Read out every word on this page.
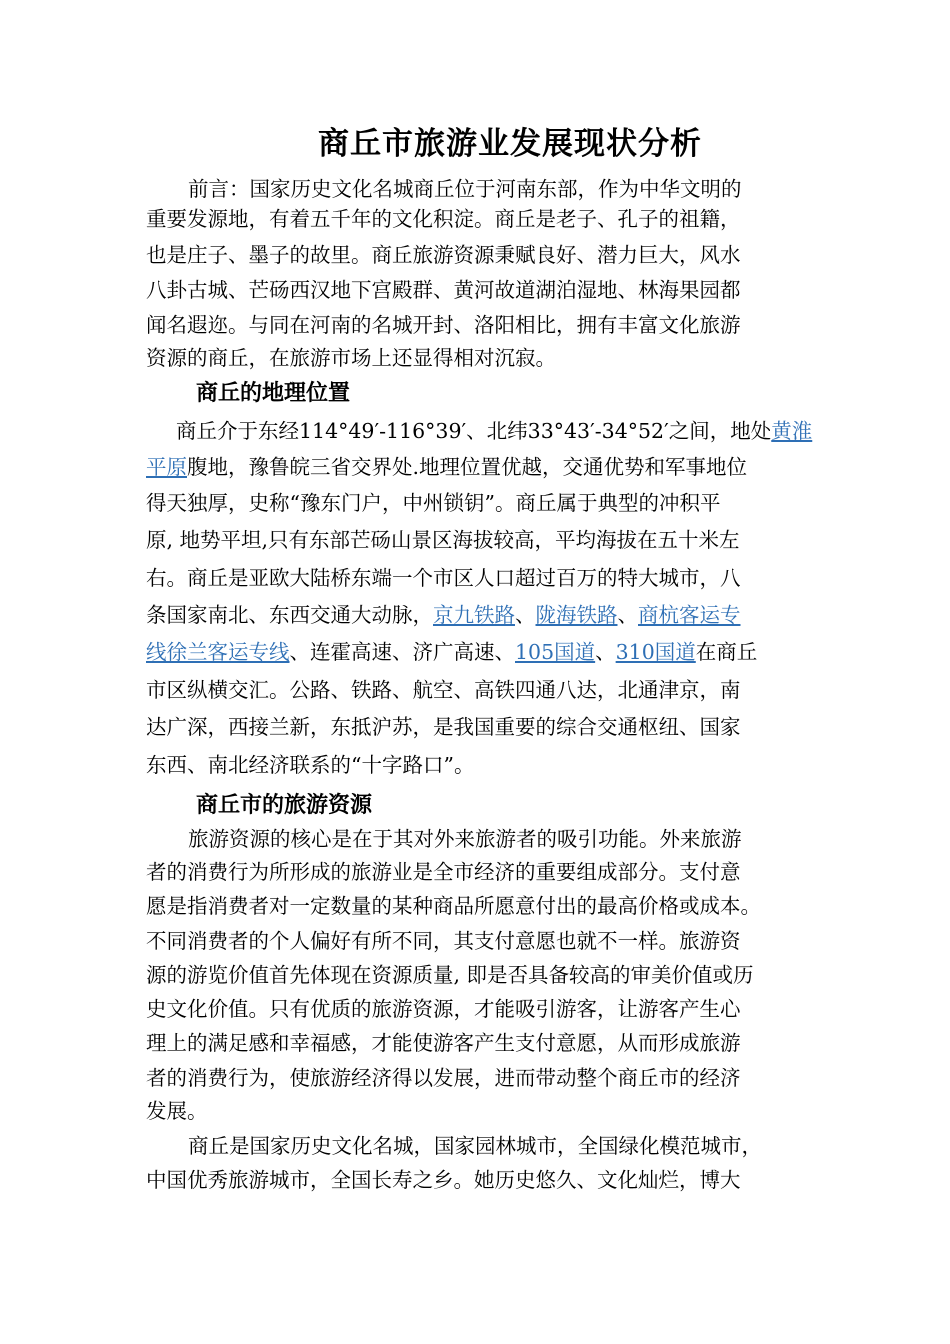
商丘市旅游业发展现状分析
前言：国家历史文化名城商丘位于河南东部，作为中华文明的
重要发源地，有着五千年的文化积淀。商丘是老子、孔子的祖籍，
也是庄子、墨子的故里。商丘旅游资源秉赋良好、潜力巨大，风水
八卦古城、芒砀西汉地下宫殿群、黄河故道湖泊湿地、林海果园都
闻名遐迩。与同在河南的名城开封、洛阳相比，拥有丰富文化旅游
资源的商丘，在旅游市场上还显得相对沉寂。
商丘的地理位置
商丘介于东经114°49′-116°39′、北纬33°43′-34°52′之间，地处黄淮
平原腹地，豫鲁皖三省交界处.地理位置优越，交通优势和军事地位
得天独厚，史称“豫东门户，中州锁钥”。商丘属于典型的冲积平
原, 地势平坦,只有东部芒砀山景区海拔较高，平均海拔在五十米左
右。商丘是亚欧大陆桥东端一个市区人口超过百万的特大城市，八
条国家南北、东西交通大动脉，京九铁路、陇海铁路、商杭客运专
线徐兰客运专线、连霍高速、济广高速、105国道、310国道在商丘
市区纵横交汇。公路、铁路、航空、高铁四通八达，北通津京，南
达广深，西接兰新，东抵沪苏，是我国重要的综合交通枢纽、国家
东西、南北经济联系的“十字路口”。
商丘市的旅游资源
旅游资源的核心是在于其对外来旅游者的吸引功能。外来旅游
者的消费行为所形成的旅游业是全市经济的重要组成部分。支付意
愿是指消费者对一定数量的某种商品所愿意付出的最高价格或成本。
不同消费者的个人偏好有所不同，其支付意愿也就不一样。旅游资
源的游览价值首先体现在资源质量, 即是否具备较高的审美价值或历
史文化价值。只有优质的旅游资源，才能吸引游客，让游客产生心
理上的满足感和幸福感，才能使游客产生支付意愿，从而形成旅游
者的消费行为，使旅游经济得以发展，进而带动整个商丘市的经济
发展。
商丘是国家历史文化名城，国家园林城市，全国绿化模范城市，
中国优秀旅游城市，全国长寿之乡。她历史悠久、文化灿烂，博大
